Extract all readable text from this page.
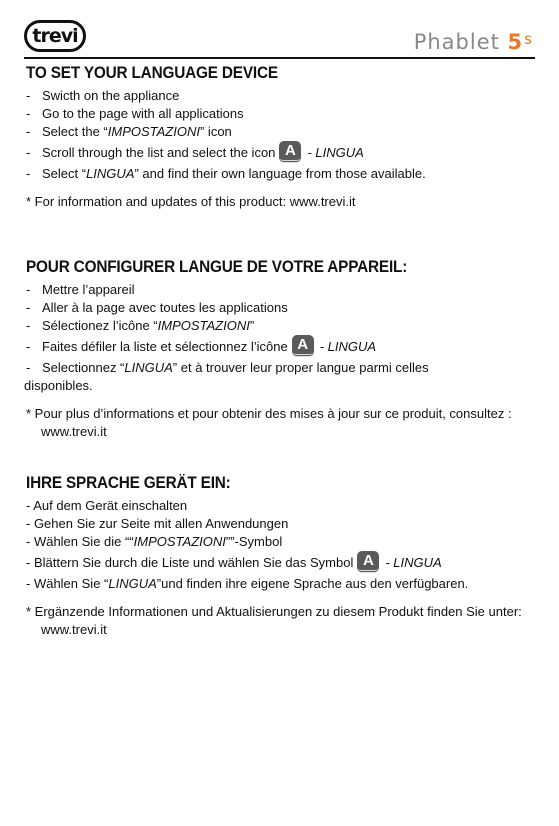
trevi	Phablet 5$^s$
TO SET YOUR LANGUAGE DEVICE
- Swicth on the appliance
- Go to the page with all applications
- Select the “IMPOSTAZIONI” icon
- Scroll through the list and select the icon A - LINGUA
- Select “LINGUA” and find their own language from those available.
* For information and updates of this product: www.trevi.it
POUR CONFIGURER LANGUE DE VOTRE APPAREIL:
- Mettre l’appareil
- Aller à la page avec toutes les applications
- Sélectionez l’icône “IMPOSTAZIONI”
- Faites défiler la liste et sélectionnez l’icône A - LINGUA
- Selectionnez “LINGUA” et à trouver leur proper langue parmi celles
disponibles.
* Pour plus d’informations et pour obtenir des mises à jour sur ce produit, consultez :
www.trevi.it
IHRE SPRACHE GERÄT EIN:
- Auf dem Gerät einschalten
- Gehen Sie zur Seite mit allen Anwendungen
- Wählen Sie die ““IMPOSTAZIONI””-Symbol
- Blättern Sie durch die Liste und wählen Sie das Symbol A - LINGUA
- Wählen Sie “LINGUA”und finden ihre eigene Sprache aus den verfügbaren.
* Ergänzende Informationen und Aktualisierungen zu diesem Produkt finden Sie unter:
www.trevi.it
